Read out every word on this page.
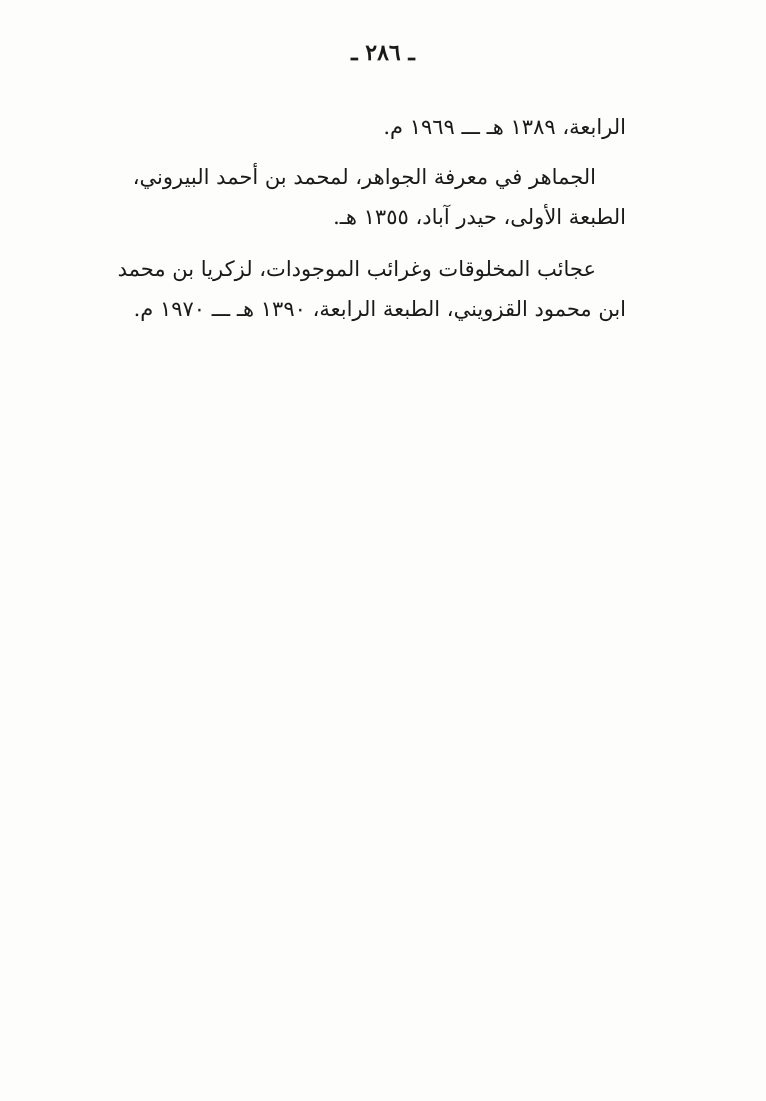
ـ ٢٨٦ ـ
الرابعة، ١٣٨٩ هـ ـــ ١٩٦٩ م.
الجماهر في معرفة الجواهر، لمحمد بن أحمد البيروني،
الطبعة الأولى، حيدر آباد، ١٣٥٥ هـ.
عجائب المخلوقات وغرائب الموجودات، لزكريا بن محمد
ابن محمود القزويني، الطبعة الرابعة، ١٣٩٠ هـ ـــ ١٩٧٠ م.
